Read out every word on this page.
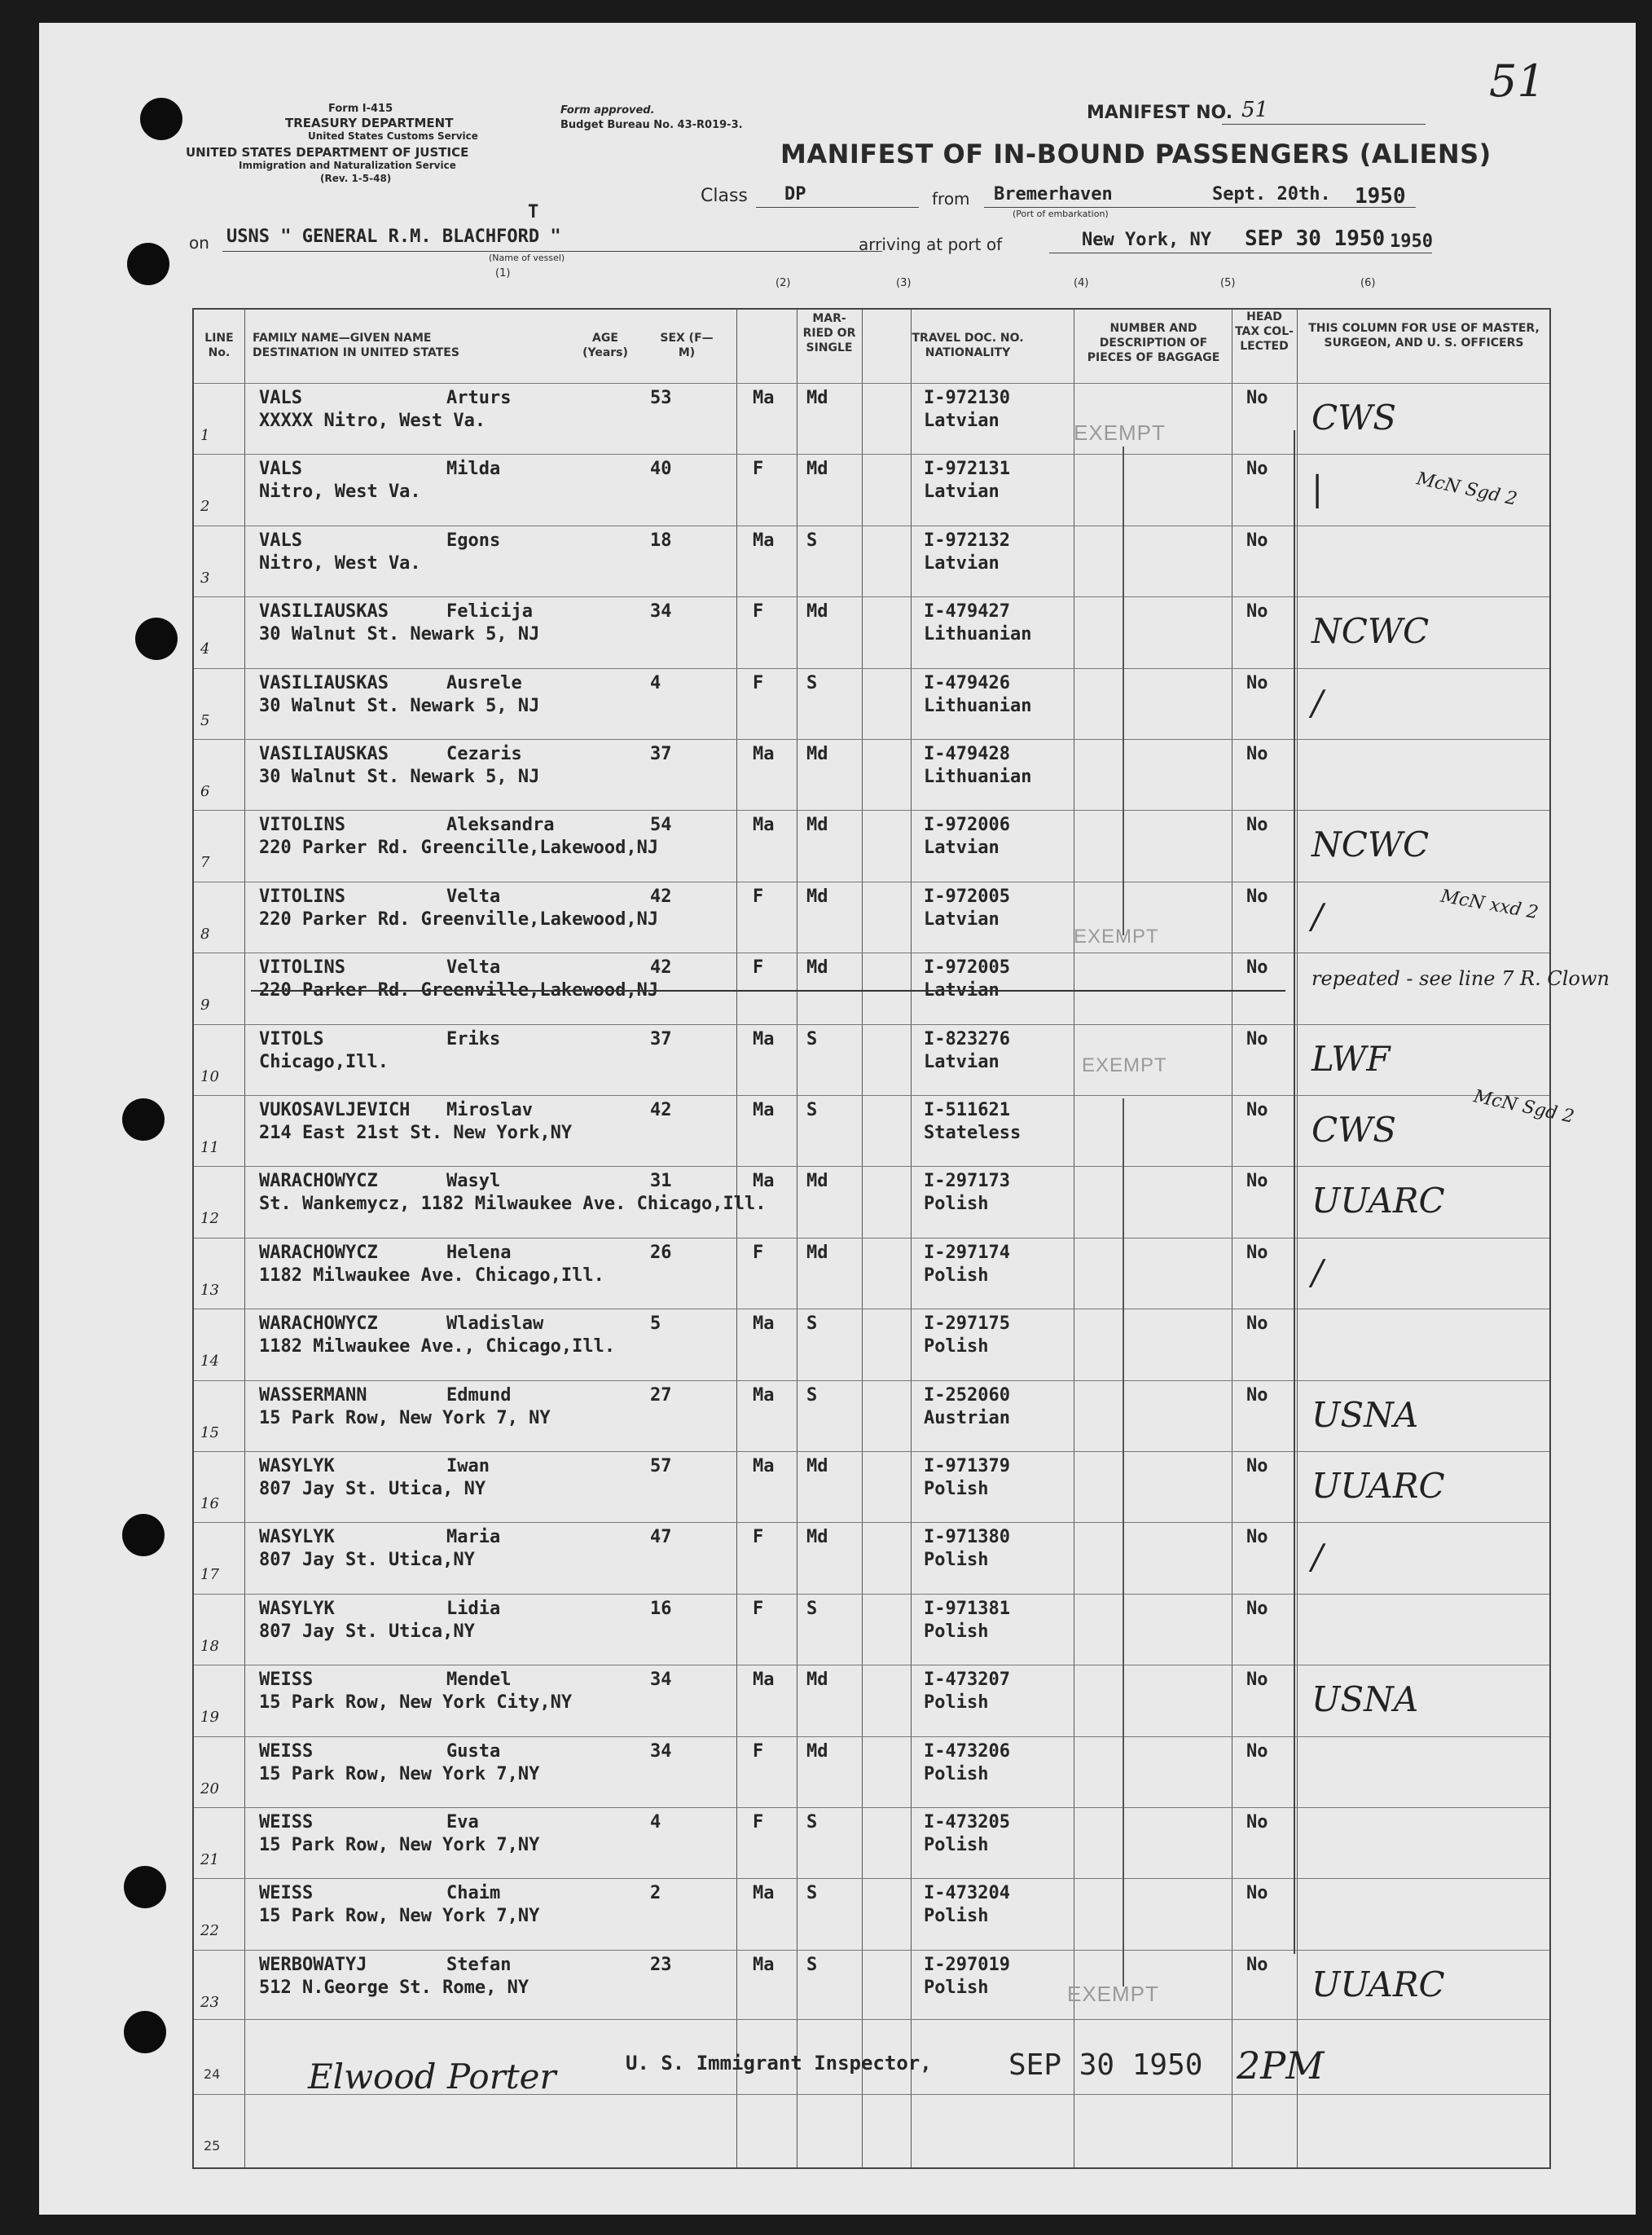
51
Form I-415
TREASURY DEPARTMENT
United States Customs Service
UNITED STATES DEPARTMENT OF JUSTICE
Immigration and Naturalization Service
(Rev. 1-5-48)
Form approved.
Budget Bureau No. 43-R019-3.
MANIFEST NO. 51
MANIFEST OF IN-BOUND PASSENGERS (ALIENS)
Class DP	from Bremerhaven
(Port of embarkation)
Sept. 20th. 1950
on USNS " GENERAL R.M. BLACHFORD "
T
(Name of vessel)
arriving at port of	New York, NY SEP 30 1950 1950
(1)
(2)	(3)	(4)	(5)	(6)
LINE No.
FAMILY NAME—GIVEN NAME DESTINATION IN UNITED STATES
AGE (Years)
SEX (F—M)
MAR-RIED OR SINGLE
TRAVEL DOC. NO. NATIONALITY
NUMBER AND DESCRIPTION OF PIECES OF BAGGAGE
HEAD TAX COL-LECTED
THIS COLUMN FOR USE OF MASTER, SURGEON, AND U. S. OFFICERS
1
VALS	Arturs
XXXXX Nitro, West Va.
53	Ma Md	I-972130
Latvian
No CWS
2
VALS	Milda
Nitro, West Va.
40	F Md	I-972131
Latvian
No |
3
VALS	Egons
Nitro, West Va.
18	Ma S	I-972132
Latvian
No
4
VASILIAUSKAS	Felicija
30 Walnut St. Newark 5, NJ
34	F Md	I-479427
Lithuanian
No NCWC
5
VASILIAUSKAS	Ausrele
30 Walnut St. Newark 5, NJ
4	F S	I-479426
Lithuanian
No /
6
VASILIAUSKAS	Cezaris
30 Walnut St. Newark 5, NJ
37	Ma Md	I-479428
Lithuanian
No
7
VITOLINS	Aleksandra
220 Parker Rd. Greencille,Lakewood,NJ
54	Ma Md	I-972006
Latvian
No NCWC
8
VITOLINS	Velta
220 Parker Rd. Greenville,Lakewood,NJ
42	F Md	I-972005
Latvian
No /
9
VITOLINS	Velta
220 Parker Rd. Greenville,Lakewood,NJ
42	F Md	I-972005
Latvian
No repeated - see line 7 R. Clown
10
VITOLS	Eriks
Chicago,Ill.
37	Ma S	I-823276
Latvian
No LWF
11
VUKOSAVLJEVICH Miroslav
214 East 21st St. New York,NY
42	Ma S	I-511621
Stateless
No CWS
12
WARACHOWYCZ	Wasyl
St. Wankemycz, 1182 Milwaukee Ave. Chicago,Ill.
31	Ma Md	I-297173
Polish
No UUARC
13
WARACHOWYCZ	Helena
1182 Milwaukee Ave. Chicago,Ill.
26	F Md	I-297174
Polish
No /
14
WARACHOWYCZ	Wladislaw
1182 Milwaukee Ave., Chicago,Ill.
5	Ma S	I-297175
Polish
No
15
WASSERMANN	Edmund
15 Park Row, New York 7, NY
27	Ma S	I-252060
Austrian
No USNA
16
WASYLYK	Iwan
807 Jay St. Utica, NY
57	Ma Md	I-971379
Polish
No UUARC
17
WASYLYK	Maria
807 Jay St. Utica,NY
47	F Md	I-971380
Polish
No /
18
WASYLYK	Lidia
807 Jay St. Utica,NY
16	F S	I-971381
Polish
No
19
WEISS	Mendel
15 Park Row, New York City,NY
34	Ma Md	I-473207
Polish
No USNA
20
WEISS	Gusta
15 Park Row, New York 7,NY
34	F Md	I-473206
Polish
No
21
WEISS	Eva
15 Park Row, New York 7,NY
4	F S	I-473205
Polish
No
22
WEISS	Chaim
15 Park Row, New York 7,NY
2	Ma S	I-473204
Polish
No
23
WERBOWATYJ	Stefan
512 N.George St. Rome, NY
23	Ma S	I-297019
Polish
No UUARC
24
25
EXEMPT
EXEMPT
EXEMPT
EXEMPT
McN Sgd 2
McN xxd 2
McN Sgd 2
Elwood Porter	U. S. Immigrant Inspector,	SEP 30 1950 2PM
